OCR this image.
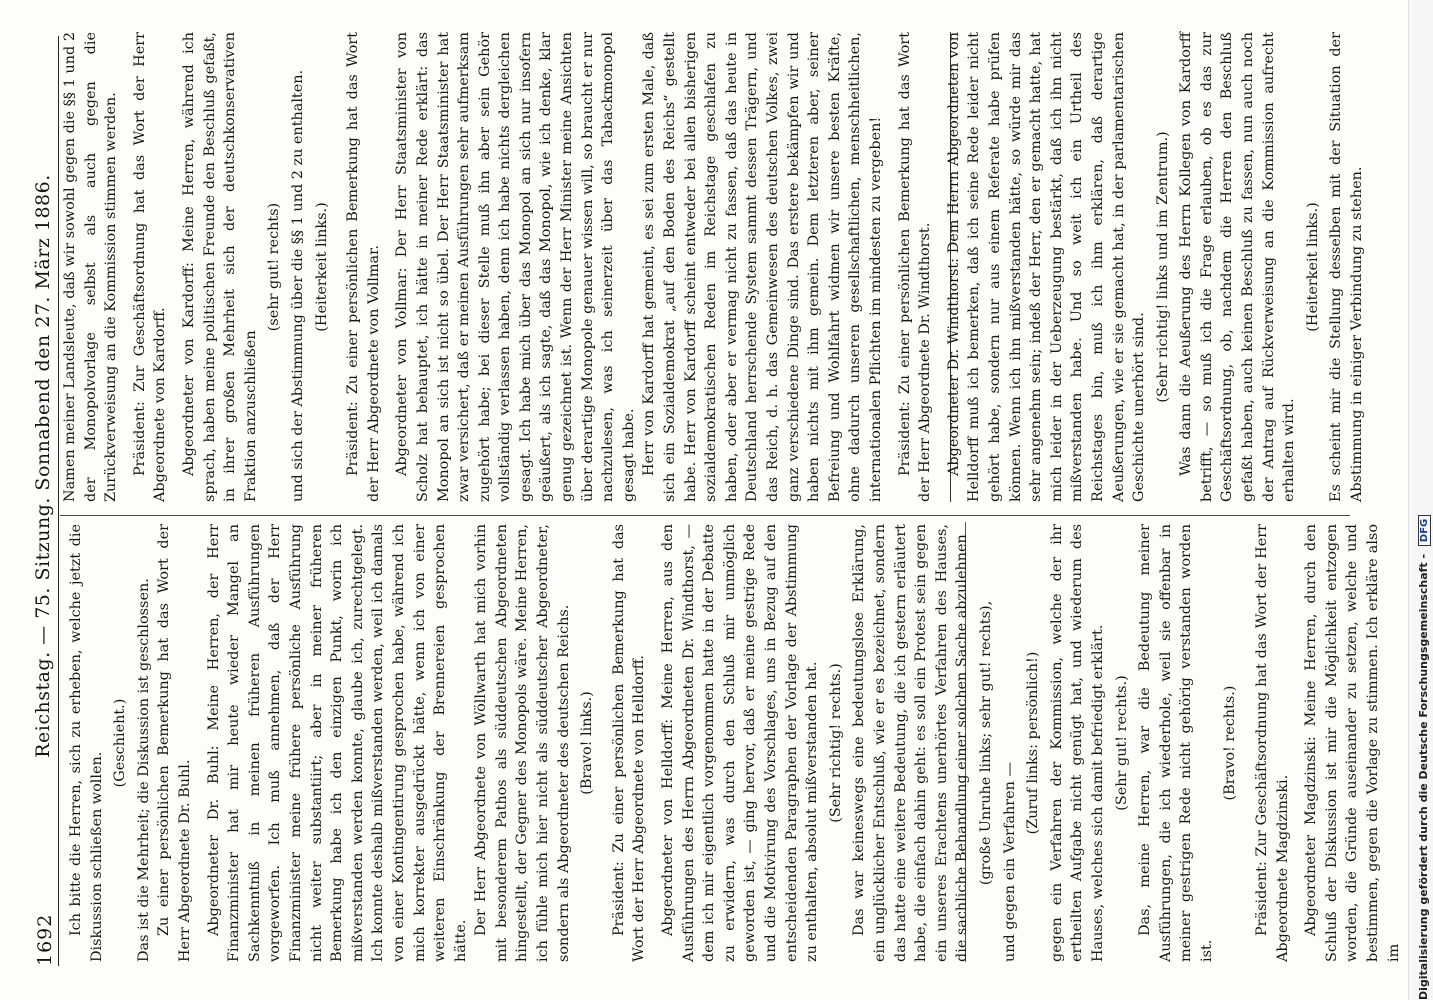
1692
Reichstag. — 75. Sitzung. Sonnabend den 27. März 1886. Ich bitte die Herren, sich zu erheben, welche jetzt die Diskussion schließen wollen.
(Geschieht.) Das ist die Mehrheit; die Diskussion ist geschlossen. Zu einer persönlichen Bemerkung hat das Wort der Herr Abgeordnete Dr. Buhl. Abgeordneter Dr. Buhl: Meine Herren, der Herr Finanzminister hat mir heute wieder Mangel an Sachkenntniß in meinen früheren Ausführungen vorgeworfen. Ich muß annehmen, daß der Herr Finanzminister meine frühere persönliche Ausführung nicht weiter substantiirt; aber in meiner früheren Bemerkung habe ich den einzigen Punkt, worin ich mißverstanden werden konnte, glaube ich, zurechtgelegt. Ich konnte deshalb mißverstanden werden, weil ich damals von einer Kontingentirung gesprochen habe, während ich mich korrekter ausgedrückt hätte, wenn ich von einer weiteren Einschränkung der Brennereien gesprochen hätte.
Der Herr Abgeordnete von Wöllwarth hat mich vorhin mit besonderem Pathos als süddeutschen Abgeordneten hingestellt, der Gegner des Monopols wäre. Meine Herren, ich fühle mich hier nicht als süddeutscher Abgeordneter, sondern als Abgeordneter des deutschen Reichs. (Bravo! links.) Präsident: Zu einer persönlichen Bemerkung hat das Wort der Herr Abgeordnete von Helldorff. Abgeordneter von Helldorff: Meine Herren, aus den Ausführungen des Herrn Abgeordneten Dr. Windthorst, — dem ich mir eigentlich vorgenommen hatte in der Debatte zu erwidern, was durch den Schluß mir unmöglich geworden ist, — ging hervor, daß er meine gestrige Rede und die Motivirung des Vorschlages, uns in Bezug auf den entscheidenden Paragraphen der Vorlage der Abstimmung zu enthalten, absolut mißverstanden hat. (Sehr richtig! rechts.) Das war keineswegs eine bedeutungslose Erklärung, ein unglücklicher Entschluß, wie er es bezeichnet, sondern das hatte eine weitere Bedeutung, die ich gestern erläutert habe, die einfach dahin geht: es soll ein Protest sein gegen ein unseres Erachtens unerhörtes Verfahren des Hauses, die sachliche Behandlung einer solchen Sache abzulehnen (große Unruhe links; sehr gut! rechts), und gegen ein Verfahren —
(Zuruf links: persönlich!) gegen ein Verfahren der Kommission, welche der ihr ertheilten Aufgabe nicht genügt hat, und wiederum des Hauses, welches sich damit befriedigt erklärt. (Sehr gut! rechts.) Das, meine Herren, war die Bedeutung meiner Ausführungen, die ich wiederhole, weil sie offenbar in meiner gestrigen Rede nicht gehörig verstanden worden ist.
(Bravo! rechts.) Präsident: Zur Geschäftsordnung hat das Wort der Herr Abgeordnete Magdzinski. Abgeordneter Magdzinski: Meine Herren, durch den Schluß der Diskussion ist mir die Möglichkeit entzogen worden, die Gründe auseinander zu setzen, welche und bestimmen, gegen die Vorlage zu stimmen. Ich erkläre also im
Namen meiner Landsleute, daß wir sowohl gegen die §§ 1 und 2 der Monopolvorlage selbst als auch gegen die Zurückverweisung an die Kommission stimmen werden. Präsident: Zur Geschäftsordnung hat das Wort der Herr Abgeordnete von Kardorff. Abgeordneter von Kardorff: Meine Herren, während ich sprach, haben meine politischen Freunde den Beschluß gefaßt, in ihrer großen Mehrheit sich der deutschkonservativen Fraktion anzuschließen
(sehr gut! rechts) und sich der Abstimmung über die §§ 1 und 2 zu enthalten. (Heiterkeit links.) Präsident: Zu einer persönlichen Bemerkung hat das Wort der Herr Abgeordnete von Vollmar. Abgeordneter von Vollmar: Der Herr Staatsminister von Scholz hat behauptet, ich hätte in meiner Rede erklärt: das Monopol an sich ist nicht so übel. Der Herr Staatsminister hat zwar versichert, daß er meinen Ausführungen sehr aufmerksam zugehört habe; bei dieser Stelle muß ihn aber sein Gehör vollständig verlassen haben, denn ich habe nichts dergleichen gesagt. Ich habe mich über das Monopol an sich nur insofern geäußert, als ich sagte, daß das Monopol, wie ich denke, klar genug gezeichnet ist. Wenn der Herr Minister meine Ansichten über derartige Monopole genauer wissen will, so braucht er nur nachzulesen, was ich seinerzeit über das Tabackmonopol gesagt habe. Herr von Kardorff hat gemeint, es sei zum ersten Male, daß sich ein Sozialdemokrat „auf den Boden des Reichs“ gestellt habe. Herr von Kardorff scheint entweder bei allen bisherigen sozialdemokratischen Reden im Reichstage geschlafen zu haben, oder aber er vermag nicht zu fassen, daß das heute in Deutschland herrschende System sammt dessen Trägern, und das Reich, d. h. das Gemeinwesen des deutschen Volkes, zwei ganz verschiedene Dinge sind. Das erstere bekämpfen wir und haben nichts mit ihm gemein. Dem letzteren aber, seiner Befreiung und Wohlfahrt widmen wir unsere besten Kräfte, ohne dadurch unseren gesellschaftlichen, menschheitlichen, internationalen Pflichten im mindesten zu vergeben! Präsident: Zu einer persönlichen Bemerkung hat das Wort der Herr Abgeordnete Dr. Windthorst. Abgeordneter Dr. Windthorst: Dem Herrn Abgeordneten von Helldorff muß ich bemerken, daß ich seine Rede leider nicht gehört habe, sondern nur aus einem Referate habe prüfen können. Wenn ich ihn mißverstanden hätte, so würde mir das sehr angenehm sein; indeß der Herr, den er gemacht hatte, hat mich leider in der Ueberzeugung bestärkt, daß ich ihn nicht mißverstanden habe. Und so weit ich ein Urtheil des Reichstages bin, muß ich ihm erklären, daß derartige Aeußerungen, wie er sie gemacht hat, in der parlamentarischen Geschichte unerhört sind.
(Sehr richtig! links und im Zentrum.) Was dann die Aeußerung des Herrn Kollegen von Kardorff betrifft, — so muß ich die Frage erlauben, ob es das zur Geschäftsordnung, ob, nachdem die Herren den Beschluß gefaßt haben, auch keinen Beschluß zu fassen, nun auch noch der Antrag auf Rückverweisung an die Kommission aufrecht erhalten wird.
(Heiterkeit links.) Es scheint mir die Stellung desselben mit der Situation der Abstimmung in einiger Verbindung zu stehen.
Digitalisierung gefördert durch die Deutsche Forschungsgemeinschaft - DFG
